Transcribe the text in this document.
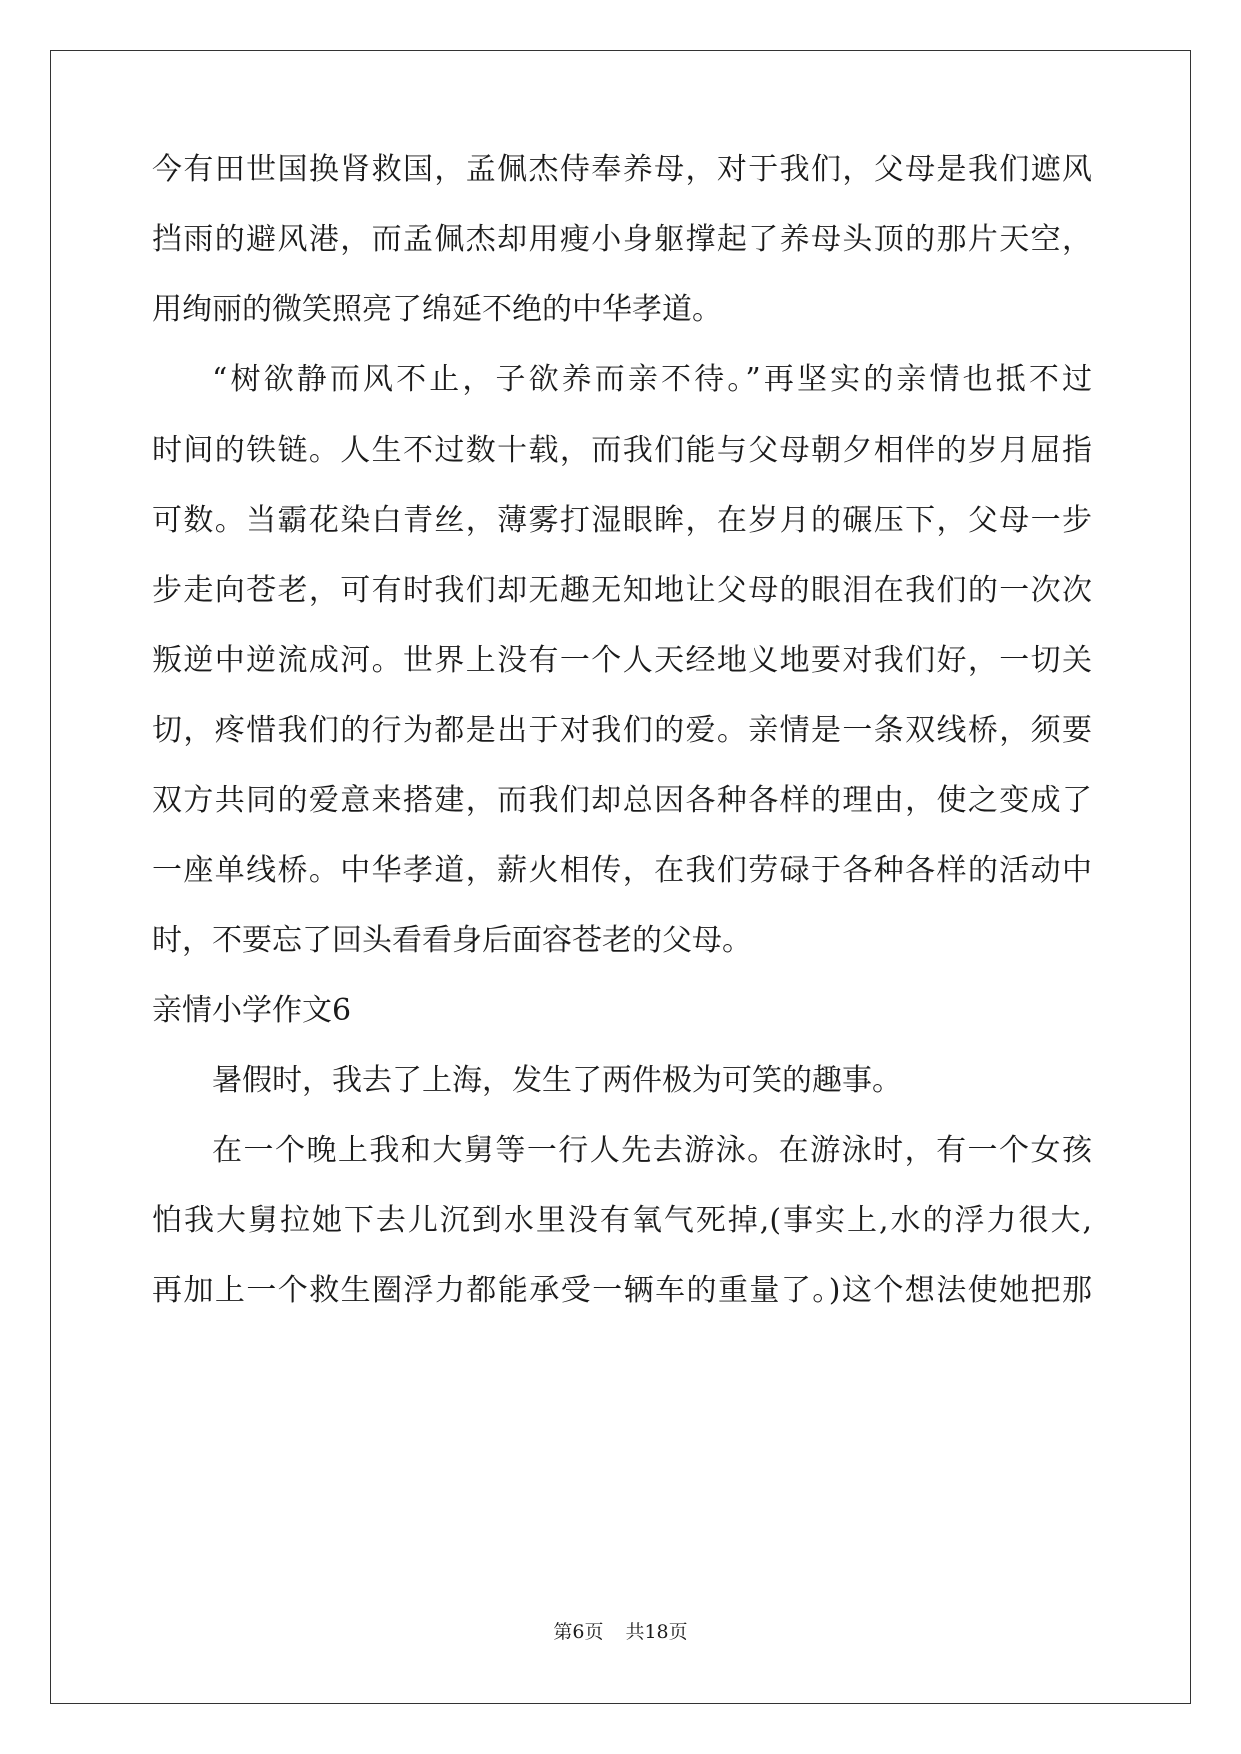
今有田世国换肾救国，孟佩杰侍奉养母，对于我们，父母是我们遮风
挡雨的避风港，而孟佩杰却用瘦小身躯撑起了养母头顶的那片天空，
用绚丽的微笑照亮了绵延不绝的中华孝道。
“树欲静而风不止，子欲养而亲不待。”再坚实的亲情也抵不过
时间的铁链。人生不过数十载，而我们能与父母朝夕相伴的岁月屈指
可数。当霸花染白青丝，薄雾打湿眼眸，在岁月的碾压下，父母一步
步走向苍老，可有时我们却无趣无知地让父母的眼泪在我们的一次次
叛逆中逆流成河。世界上没有一个人天经地义地要对我们好，一切关
切，疼惜我们的行为都是出于对我们的爱。亲情是一条双线桥，须要
双方共同的爱意来搭建，而我们却总因各种各样的理由，使之变成了
一座单线桥。中华孝道，薪火相传，在我们劳碌于各种各样的活动中
时，不要忘了回头看看身后面容苍老的父母。
亲情小学作文6
暑假时，我去了上海，发生了两件极为可笑的趣事。
在一个晚上我和大舅等一行人先去游泳。在游泳时，有一个女孩
怕我大舅拉她下去儿沉到水里没有氧气死掉,(事实上,水的浮力很大,
再加上一个救生圈浮力都能承受一辆车的重量了。)这个想法使她把那
第6页 共18页
